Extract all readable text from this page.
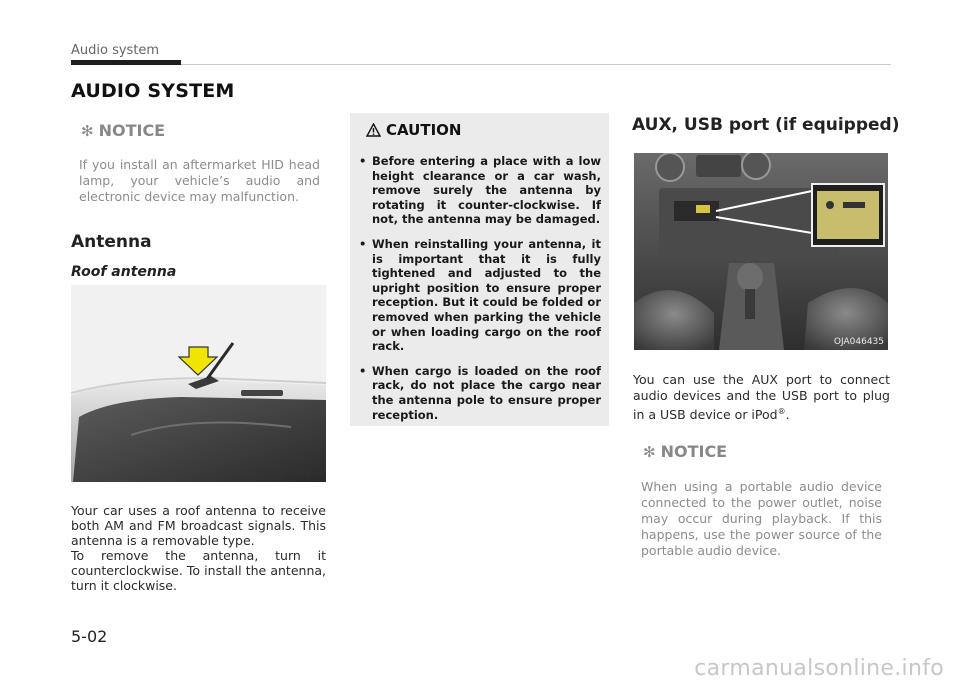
Audio system
AUDIO SYSTEM
✻ NOTICE

If you install an aftermarket HID head lamp, your vehicle’s audio and electronic device may malfunction.

Antenna
Roof antenna
OJA046453

Your car uses a roof antenna to receive both AM and FM broadcast signals. This antenna is a removable type.

To remove the antenna, turn it counterclockwise. To install the antenna, turn it clockwise.

CAUTION
• Before entering a place with a low height clearance or a car wash, remove surely the antenna by rotating it counter-clockwise. If not, the antenna may be damaged.
• When reinstalling your antenna, it is important that it is fully tightened and adjusted to the upright position to ensure proper reception. But it could be folded or removed when parking the vehicle or when loading cargo on the roof rack.
• When cargo is loaded on the roof rack, do not place the cargo near the antenna pole to ensure proper reception.
AUX, USB port (if equipped)
OJA046435

You can use the AUX port to connect audio devices and the USB port to plug in a USB device or iPod®.

✻ NOTICE

When using a portable audio device connected to the power outlet, noise may occur during playback. If this happens, use the power source of the portable audio device.

5-02
carmanualsonline.info
